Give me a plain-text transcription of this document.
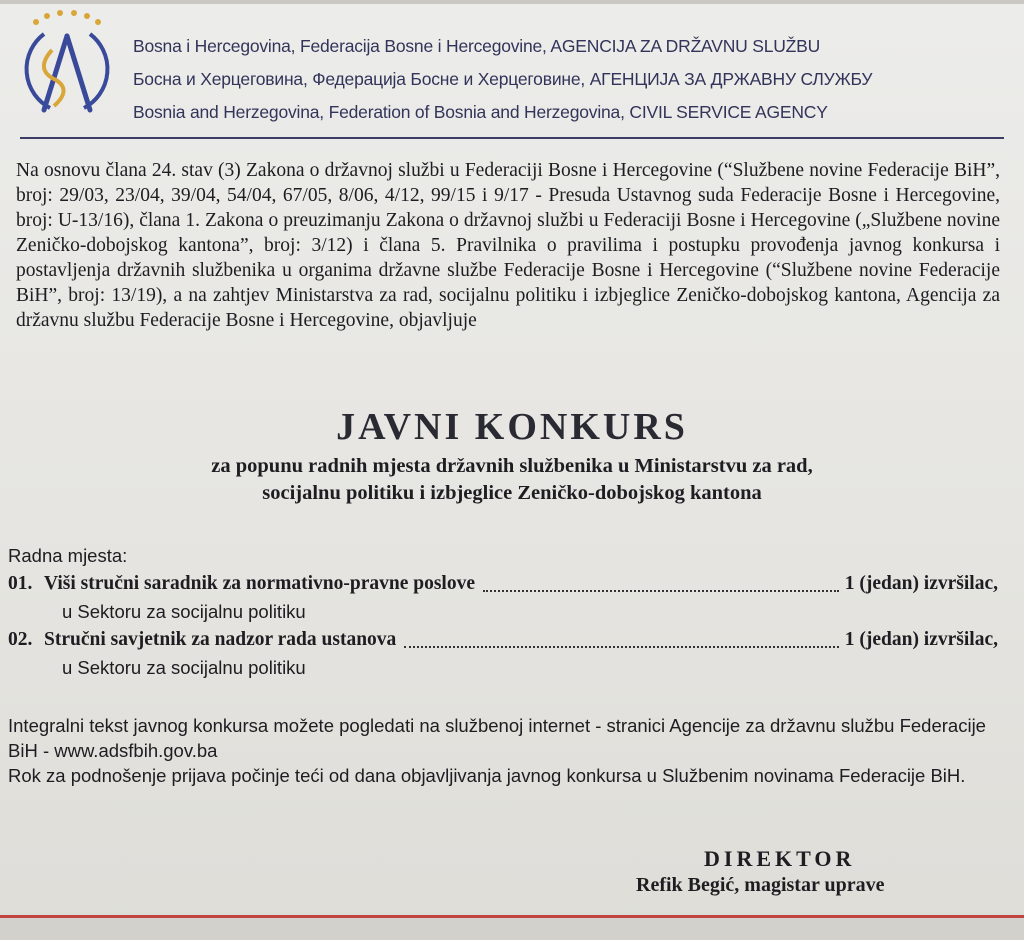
Bosna i Hercegovina, Federacija Bosne i Hercegovine, AGENCIJA ZA DRŽAVNU SLUŽBU
Босна и Херцеговина, Федерација Босне и Херцеговине, АГЕНЦИЈА ЗА ДРЖАВНУ СЛУЖБУ
Bosnia and Herzegovina, Federation of Bosnia and Herzegovina, CIVIL SERVICE AGENCY
Na osnovu člana 24. stav (3) Zakona o državnoj službi u Federaciji Bosne i Hercegovine (“Službene novine Federacije BiH”, broj: 29/03, 23/04, 39/04, 54/04, 67/05, 8/06, 4/12, 99/15 i 9/17 - Presuda Ustavnog suda Federacije Bosne i Hercegovine, broj: U-13/16), člana 1. Zakona o preuzimanju Zakona o državnoj službi u Federaciji Bosne i Hercegovine („Službene novine Zeničko-dobojskog kantona”, broj: 3/12) i člana 5. Pravilnika o pravilima i postupku provođenja javnog konkursa i postavljenja državnih službenika u organima državne službe Federacije Bosne i Hercegovine (“Službene novine Federacije BiH”, broj: 13/19), a na zahtjev Ministarstva za rad, socijalnu politiku i izbjeglice Zeničko-dobojskog kantona, Agencija za državnu službu Federacije Bosne i Hercegovine, objavljuje
JAVNI KONKURS
za popunu radnih mjesta državnih službenika u Ministarstvu za rad,
socijalnu politiku i izbjeglice Zeničko-dobojskog kantona
Radna mjesta:
01. Viši stručni saradnik za normativno-pravne poslove	1 (jedan) izvršilac,
u Sektoru za socijalnu politiku
02. Stručni savjetnik za nadzor rada ustanova	1 (jedan) izvršilac,
u Sektoru za socijalnu politiku
Integralni tekst javnog konkursa možete pogledati na službenoj internet - stranici Agencije za državnu službu Federacije BiH - www.adsfbih.gov.ba
Rok za podnošenje prijava počinje teći od dana objavljivanja javnog konkursa u Službenim novinama Federacije BiH.
DIREKTOR
Refik Begić, magistar uprave
